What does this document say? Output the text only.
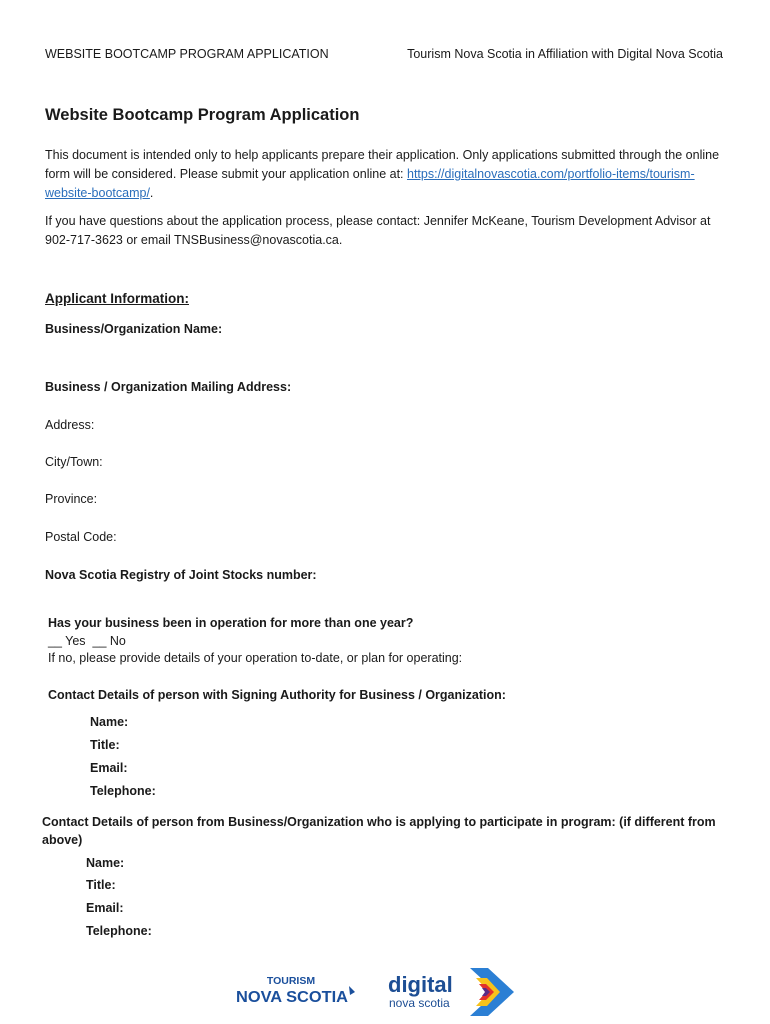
WEBSITE BOOTCAMP PROGRAM APPLICATION	Tourism Nova Scotia in Affiliation with Digital Nova Scotia
Website Bootcamp Program Application
This document is intended only to help applicants prepare their application. Only applications submitted through the online form will be considered. Please submit your application online at: https://digitalnovascotia.com/portfolio-items/tourism-website-bootcamp/.
If you have questions about the application process, please contact: Jennifer McKeane, Tourism Development Advisor at 902-717-3623 or email TNSBusiness@novascotia.ca.
Applicant Information:
Business/Organization Name:
Business / Organization Mailing Address:
Address:
City/Town:
Province:
Postal Code:
Nova Scotia Registry of Joint Stocks number:
Has your business been in operation for more than one year?
__ Yes  __ No
If no, please provide details of your operation to-date, or plan for operating:
Contact Details of person with Signing Authority for Business / Organization:
Name:
Title:
Email:
Telephone:
Contact Details of person from Business/Organization who is applying to participate in program: (if different from
above)
Name:
Title:
Email:
Telephone:
TOURISM
NOVA SCOTIA
digital
nova scotia
